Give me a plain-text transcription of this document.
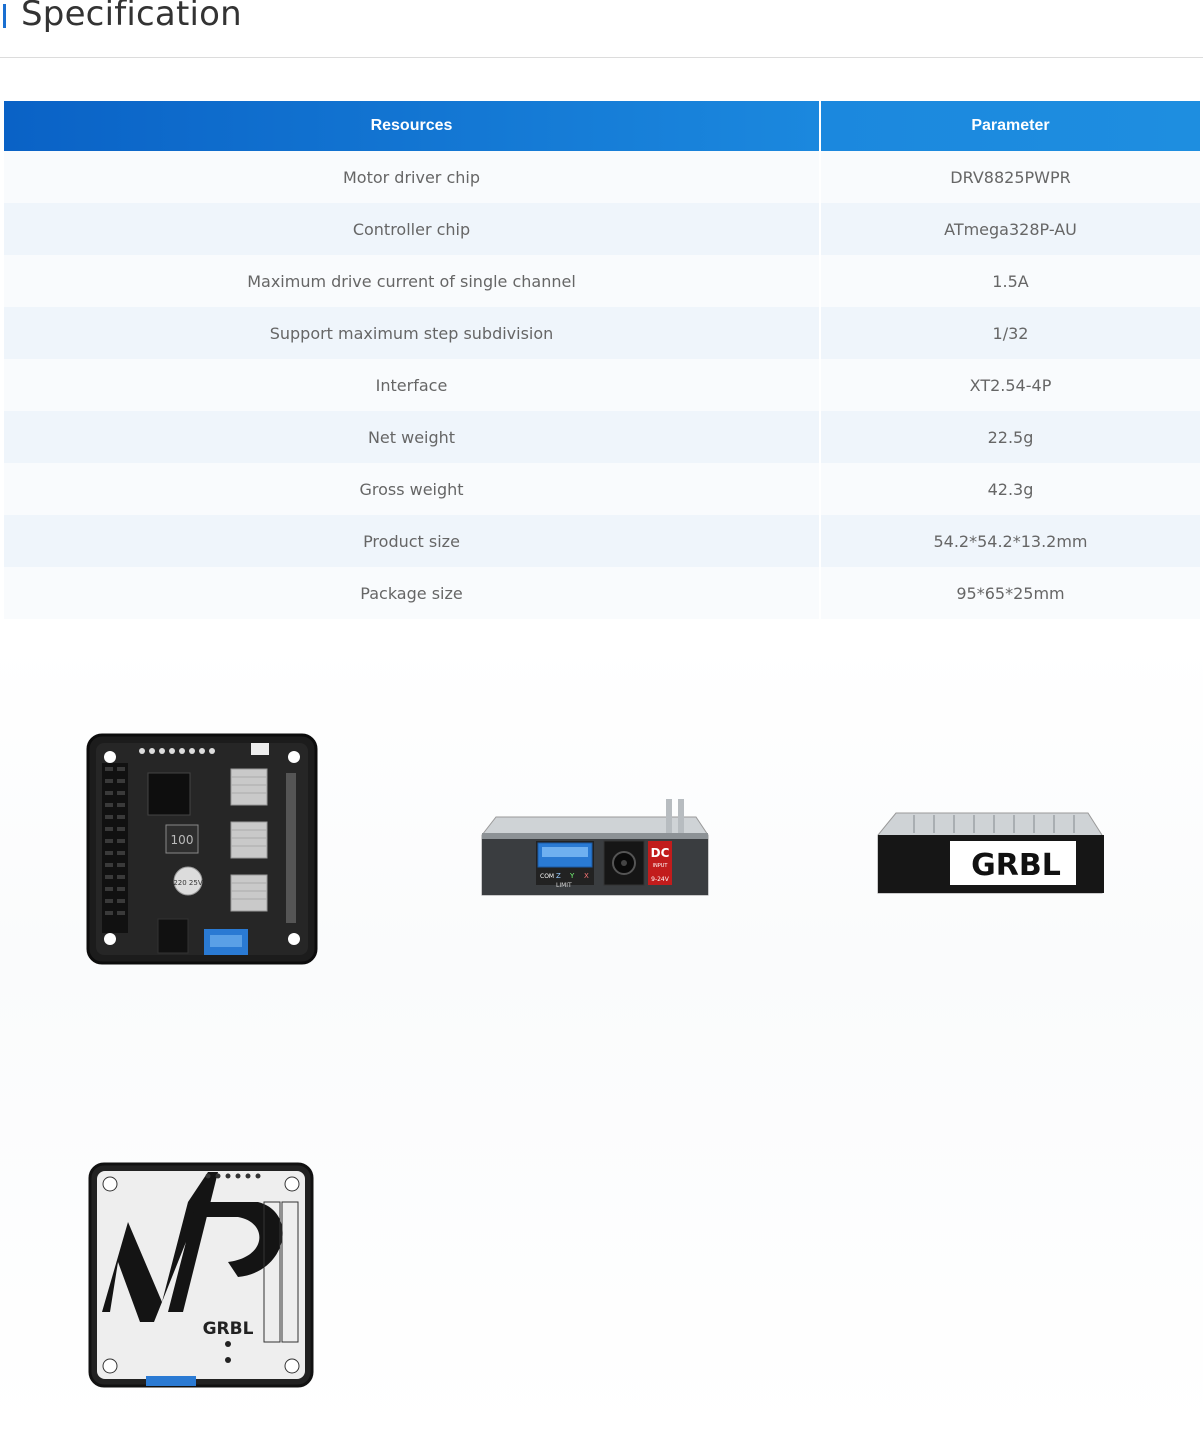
Specification
Resources	Parameter
Motor driver chip	DRV8825PWPR
Controller chip	ATmega328P-AU
Maximum drive current of single channel	1.5A
Support maximum step subdivision	1/32
Interface	XT2.54-4P
Net weight	22.5g
Gross weight	42.3g
Product size	54.2*54.2*13.2mm
Package size	95*65*25mm
100
220 25V
COM Z Y X
LIMIT
DC
INPUT
9-24V	GRBL
GRBL
